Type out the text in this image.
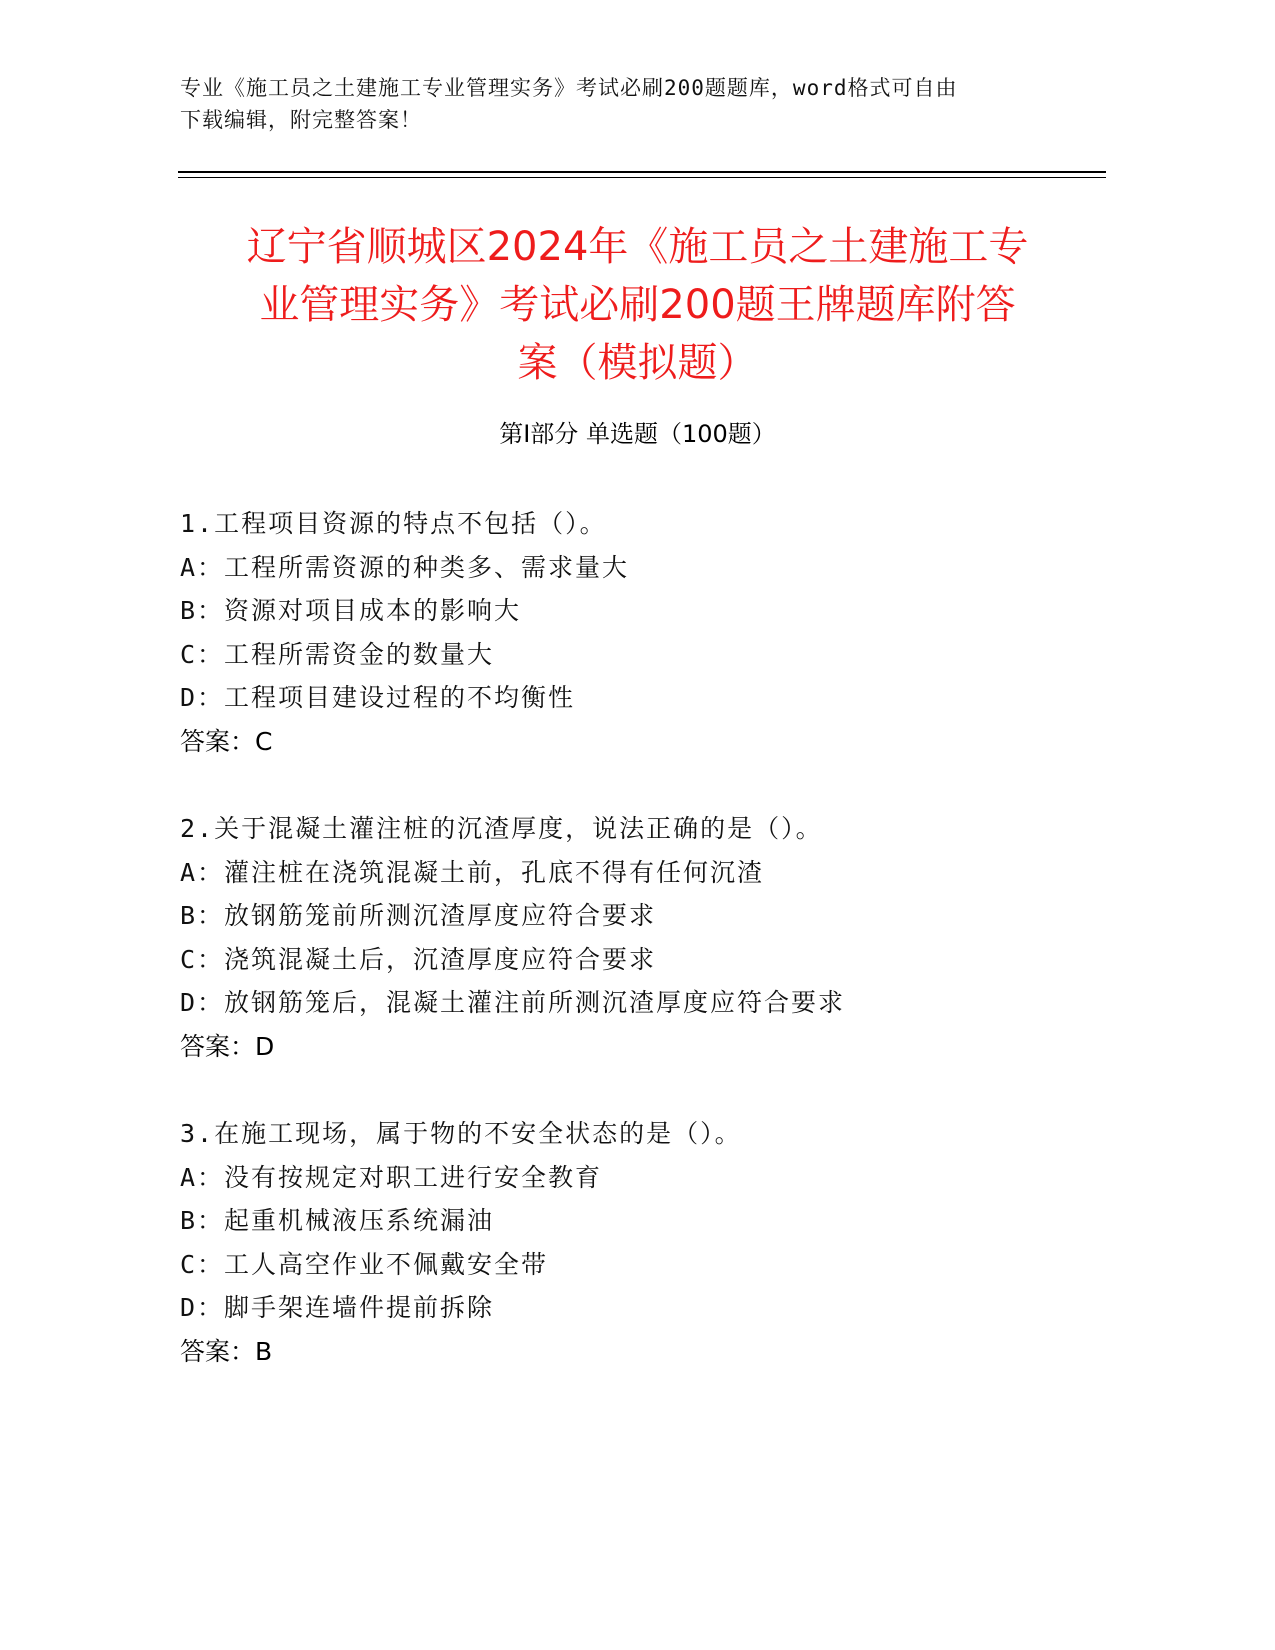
专业《施工员之土建施工专业管理实务》考试必刷200题题库，word格式可自由
下载编辑，附完整答案！
辽宁省顺城区2024年《施工员之土建施工专
业管理实务》考试必刷200题王牌题库附答
案（模拟题）
第Ⅰ部分 单选题（100题）
1.工程项目资源的特点不包括（）。
A：工程所需资源的种类多、需求量大
B：资源对项目成本的影响大
C：工程所需资金的数量大
D：工程项目建设过程的不均衡性
答案：C
2.关于混凝土灌注桩的沉渣厚度，说法正确的是（）。
A：灌注桩在浇筑混凝土前，孔底不得有任何沉渣
B：放钢筋笼前所测沉渣厚度应符合要求
C：浇筑混凝土后，沉渣厚度应符合要求
D：放钢筋笼后，混凝土灌注前所测沉渣厚度应符合要求
答案：D
3.在施工现场，属于物的不安全状态的是（）。
A：没有按规定对职工进行安全教育
B：起重机械液压系统漏油
C：工人高空作业不佩戴安全带
D：脚手架连墙件提前拆除
答案：B
